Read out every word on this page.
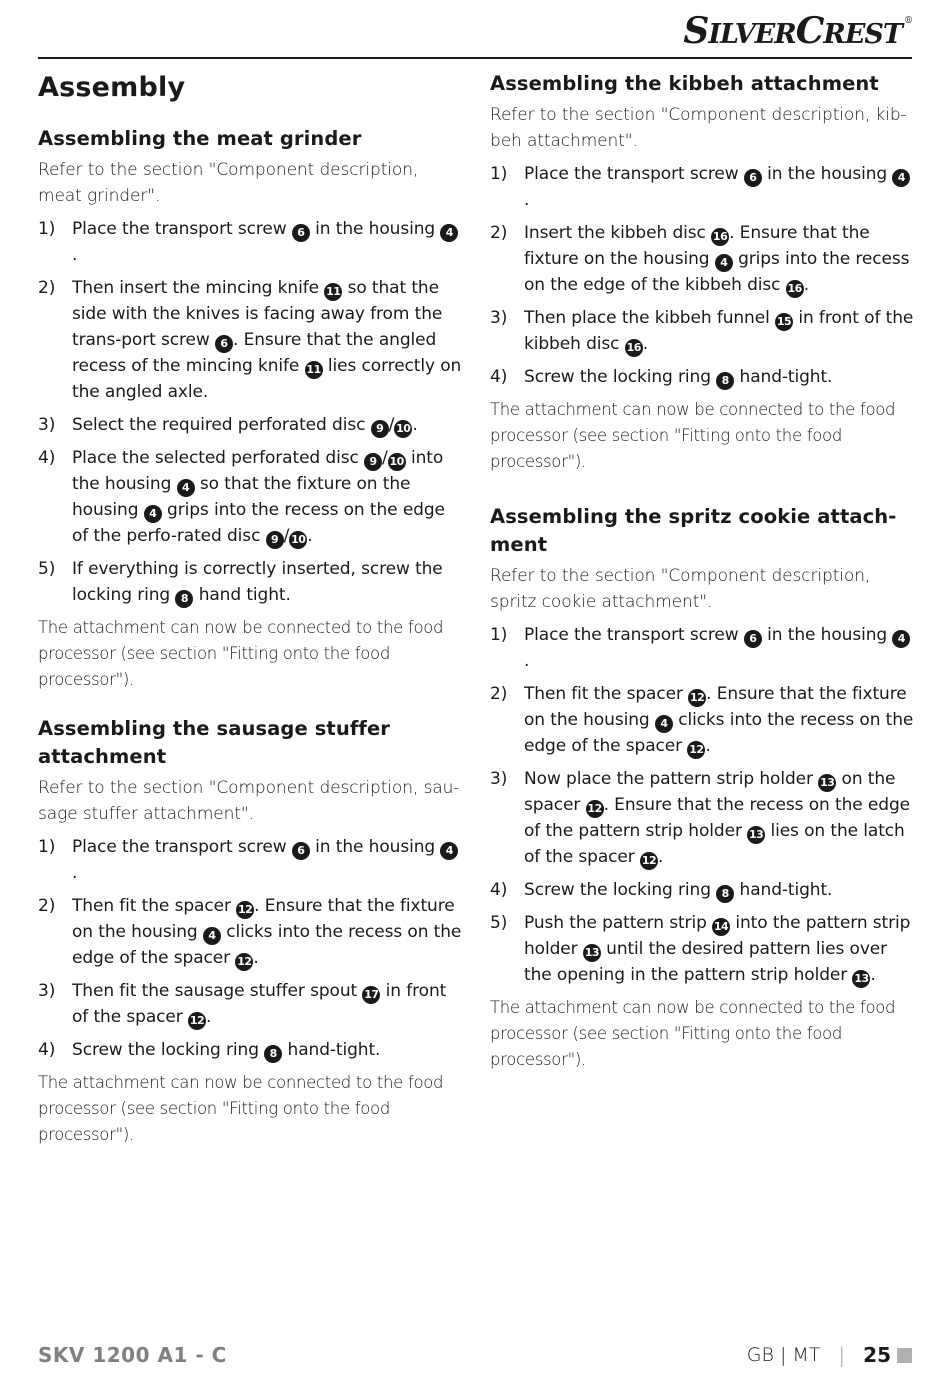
SILVERCREST ®
Assembly
Assembling the meat grinder

Refer to the section "Component description, meat grinder".

1) Place the transport screw 6 in the housing 4.
2) Then insert the mincing knife 11 so that the side with the knives is facing away from the trans-port screw 6 . Ensure that the angled recess of the mincing knife 11 lies correctly on the angled axle.
3) Select the required perforated disc 9 / 10 .
4) Place the selected perforated disc 9 / 10 into the housing 4 so that the fixture on the housing 4 grips into the recess on the edge of the perfo-rated disc 9 / 10 .
5) If everything is correctly inserted, screw the locking ring 8 hand tight.

The attachment can now be connected to the food processor (see section "Fitting onto the food processor").

Assembling the sausage stuffer attachment

Refer to the section "Component description, sau-sage stuffer attachment".

1) Place the transport screw 6 in the housing 4.
2) Then fit the spacer 12 . Ensure that the fixture on the housing 4 clicks into the recess on the edge of the spacer 12 .
3) Then fit the sausage stuffer spout 17 in front of the spacer 12 .
4) Screw the locking ring 8 hand-tight.

The attachment can now be connected to the food processor (see section "Fitting onto the food processor").

Assembling the kibbeh attachment

Refer to the section "Component description, kib-beh attachment".

1) Place the transport screw 6 in the housing 4.
2) Insert the kibbeh disc 16 . Ensure that the fixture on the housing 4 grips into the recess on the edge of the kibbeh disc 16 .
3) Then place the kibbeh funnel 15 in front of the kibbeh disc 16 .
4) Screw the locking ring 8 hand-tight.

The attachment can now be connected to the food processor (see section "Fitting onto the food processor").

Assembling the spritz cookie attach-ment

Refer to the section "Component description, spritz cookie attachment".

1) Place the transport screw 6 in the housing 4.
2) Then fit the spacer 12 . Ensure that the fixture on the housing 4 clicks into the recess on the edge of the spacer 12 .
3) Now place the pattern strip holder 13 on the spacer 12 . Ensure that the recess on the edge of the pattern strip holder 13 lies on the latch of the spacer 12 .
4) Screw the locking ring 8 hand-tight.
5) Push the pattern strip 14 into the pattern strip holder 13 until the desired pattern lies over the opening in the pattern strip holder 13 .

The attachment can now be connected to the food processor (see section "Fitting onto the food processor").

SKV 1200 A1 - C	GB | MT | 25
